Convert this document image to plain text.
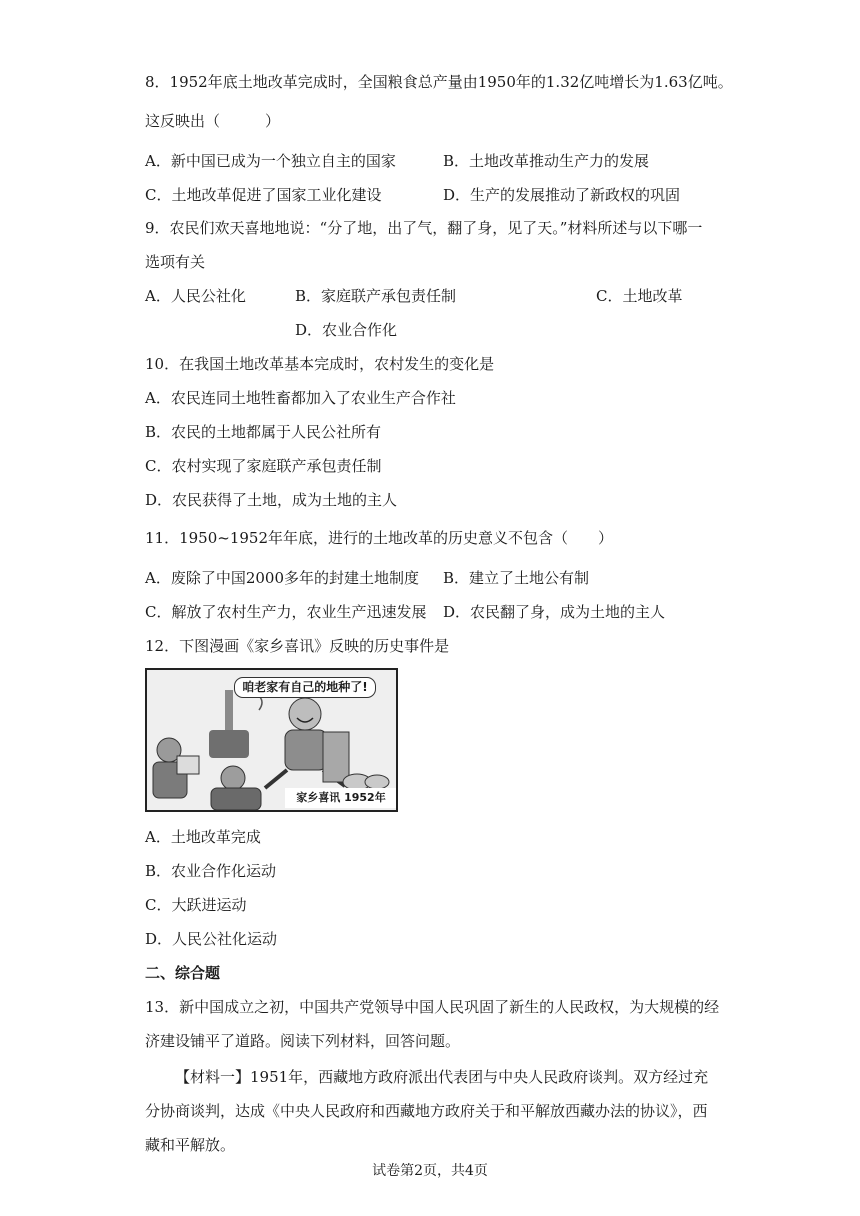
8．1952年底土地改革完成时，全国粮食总产量由1950年的1.32亿吨增长为1.63亿吨。
这反映出（　　　）
A．新中国已成为一个独立自主的国家	B．土地改革推动生产力的发展
C．土地改革促进了国家工业化建设	D．生产的发展推动了新政权的巩固
9．农民们欢天喜地地说：“分了地，出了气，翻了身，见了天。”材料所述与以下哪一
选项有关
A．人民公社化	B．家庭联产承包责任制	C．土地改革
D．农业合作化
10．在我国土地改革基本完成时，农村发生的变化是
A．农民连同土地牲畜都加入了农业生产合作社
B．农民的土地都属于人民公社所有
C．农村实现了家庭联产承包责任制
D．农民获得了土地，成为土地的主人
11．1950~1952年年底，进行的土地改革的历史意义不包含（　　）
A．废除了中国2000多年的封建土地制度 B．建立了土地公有制
C．解放了农村生产力，农业生产迅速发展 D．农民翻了身，成为土地的主人
12．下图漫画《家乡喜讯》反映的历史事件是
咱老家有自己的地种了!
家乡喜讯 1952年
A．土地改革完成
B．农业合作化运动
C．大跃进运动
D．人民公社化运动
二、综合题
13．新中国成立之初，中国共产党领导中国人民巩固了新生的人民政权，为大规模的经
济建设铺平了道路。阅读下列材料，回答问题。
【材料一】1951年，西藏地方政府派出代表团与中央人民政府谈判。双方经过充
分协商谈判，达成《中央人民政府和西藏地方政府关于和平解放西藏办法的协议》，西
藏和平解放。
试卷第2页，共4页
